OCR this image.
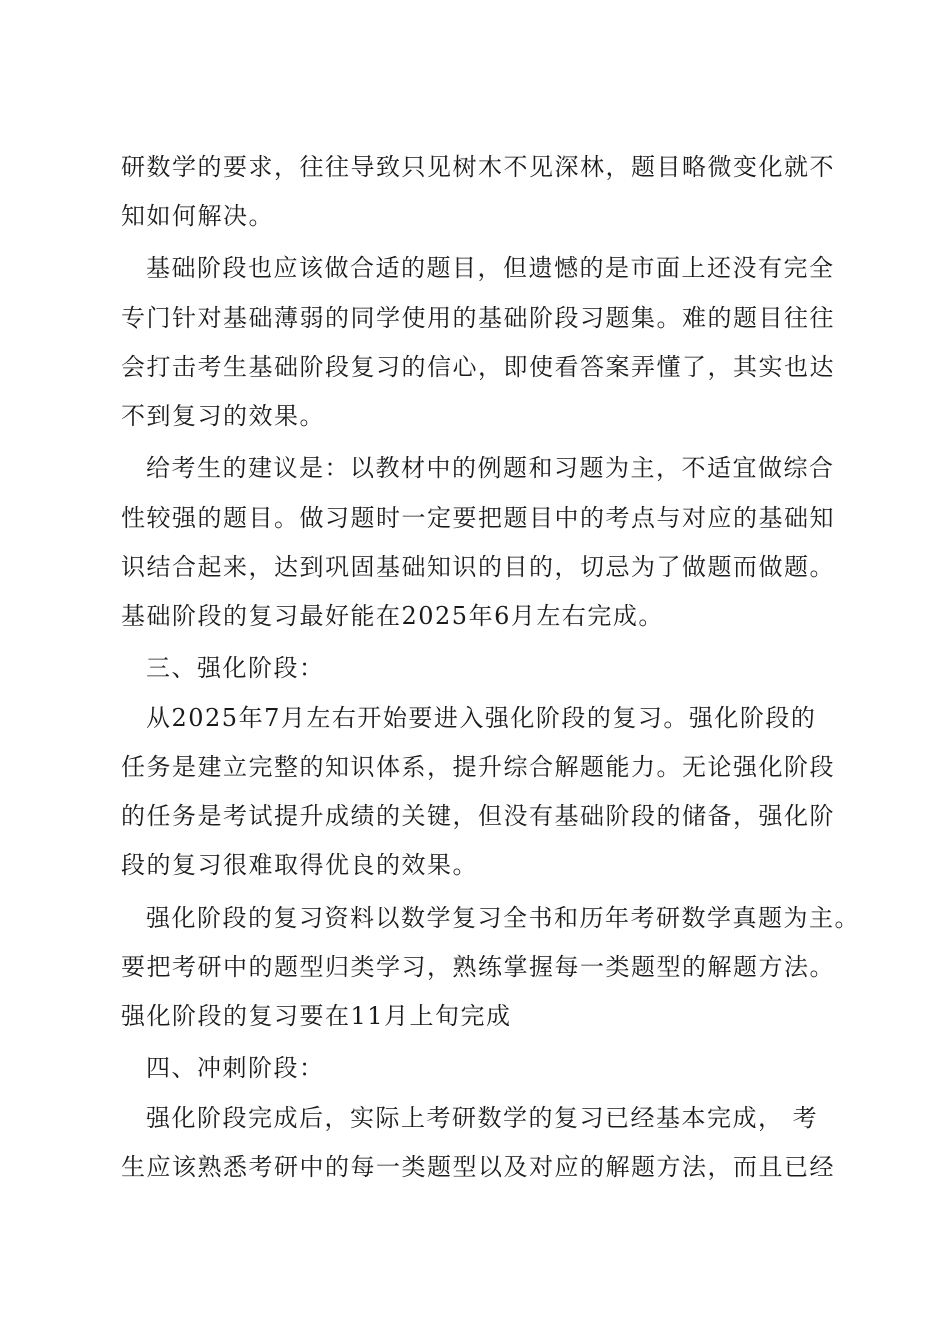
研数学的要求，往往导致只见树木不见深林，题目略微变化就不
知如何解决。
基础阶段也应该做合适的题目，但遗憾的是市面上还没有完全
专门针对基础薄弱的同学使用的基础阶段习题集。难的题目往往
会打击考生基础阶段复习的信心，即使看答案弄懂了，其实也达
不到复习的效果。
给考生的建议是：以教材中的例题和习题为主，不适宜做综合
性较强的题目。做习题时一定要把题目中的考点与对应的基础知
识结合起来，达到巩固基础知识的目的，切忌为了做题而做题。
基础阶段的复习最好能在2025年6月左右完成。
三、强化阶段：
从2025年7月左右开始要进入强化阶段的复习。强化阶段的
任务是建立完整的知识体系，提升综合解题能力。无论强化阶段
的任务是考试提升成绩的关键，但没有基础阶段的储备，强化阶
段的复习很难取得优良的效果。
强化阶段的复习资料以数学复习全书和历年考研数学真题为主。
要把考研中的题型归类学习，熟练掌握每一类题型的解题方法。
强化阶段的复习要在11月上旬完成
四、冲刺阶段：
强化阶段完成后，实际上考研数学的复习已经基本完成， 考
生应该熟悉考研中的每一类题型以及对应的解题方法，而且已经
